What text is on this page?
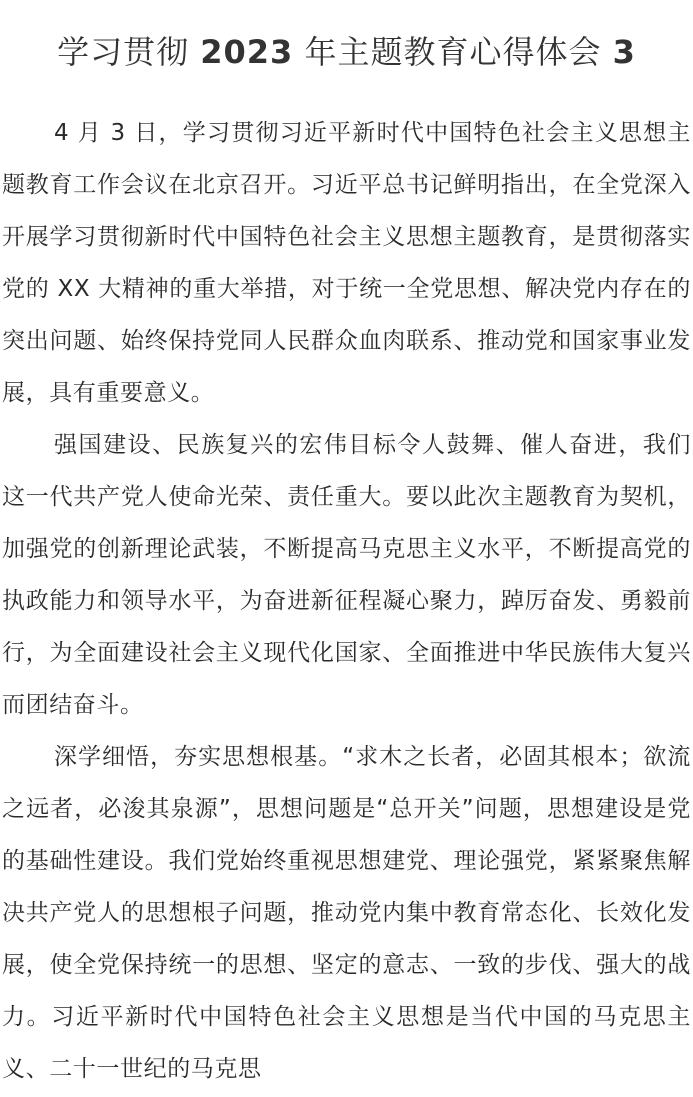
学习贯彻 2023 年主题教育心得体会 3

4 月 3 日，学习贯彻习近平新时代中国特色社会主义思想主题教育工作会议在北京召开。习近平总书记鲜明指出，在全党深入开展学习贯彻新时代中国特色社会主义思想主题教育，是贯彻落实党的 XX 大精神的重大举措，对于统一全党思想、解决党内存在的突出问题、始终保持党同人民群众血肉联系、推动党和国家事业发展，具有重要意义。

强国建设、民族复兴的宏伟目标令人鼓舞、催人奋进，我们这一代共产党人使命光荣、责任重大。要以此次主题教育为契机，加强党的创新理论武装，不断提高马克思主义水平，不断提高党的执政能力和领导水平，为奋进新征程凝心聚力，踔厉奋发、勇毅前行，为全面建设社会主义现代化国家、全面推进中华民族伟大复兴而团结奋斗。

深学细悟，夯实思想根基。“求木之长者，必固其根本；欲流之远者，必浚其泉源”，思想问题是“总开关”问题，思想建设是党的基础性建设。我们党始终重视思想建党、理论强党，紧紧聚焦解决共产党人的思想根子问题，推动党内集中教育常态化、长效化发展，使全党保持统一的思想、坚定的意志、一致的步伐、强大的战力。习近平新时代中国特色社会主义思想是当代中国的马克思主义、二十一世纪的马克思
